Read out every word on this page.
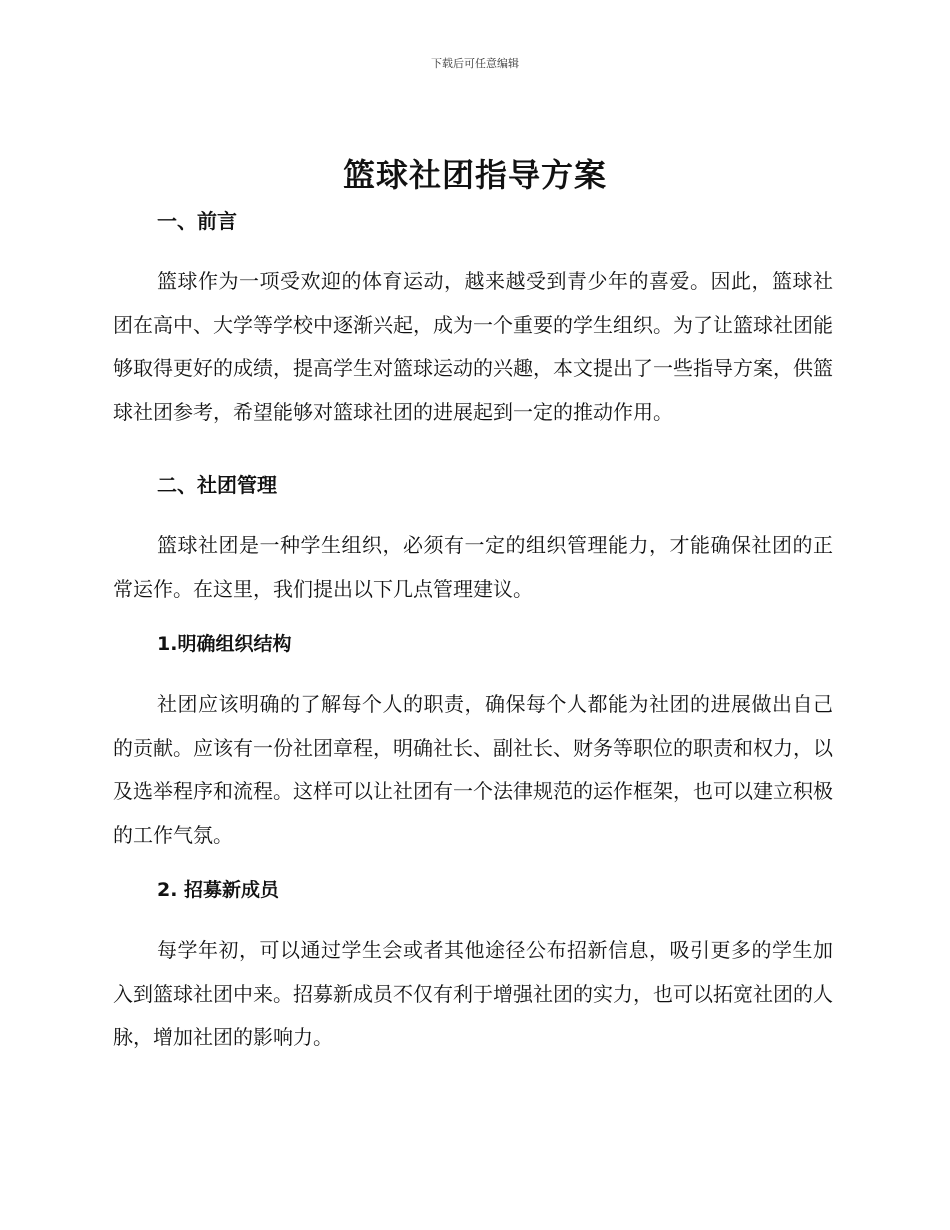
下载后可任意编辑
篮球社团指导方案
一、前言

篮球作为一项受欢迎的体育运动，越来越受到青少年的喜爱。因此，篮球社团在高中、大学等学校中逐渐兴起，成为一个重要的学生组织。为了让篮球社团能够取得更好的成绩，提高学生对篮球运动的兴趣，本文提出了一些指导方案，供篮球社团参考，希望能够对篮球社团的进展起到一定的推动作用。

二、社团管理

篮球社团是一种学生组织，必须有一定的组织管理能力，才能确保社团的正常运作。在这里，我们提出以下几点管理建议。

1.明确组织结构

社团应该明确的了解每个人的职责，确保每个人都能为社团的进展做出自己的贡献。应该有一份社团章程，明确社长、副社长、财务等职位的职责和权力，以及选举程序和流程。这样可以让社团有一个法律规范的运作框架，也可以建立积极的工作气氛。

2. 招募新成员

每学年初，可以通过学生会或者其他途径公布招新信息，吸引更多的学生加入到篮球社团中来。招募新成员不仅有利于增强社团的实力，也可以拓宽社团的人脉，增加社团的影响力。
